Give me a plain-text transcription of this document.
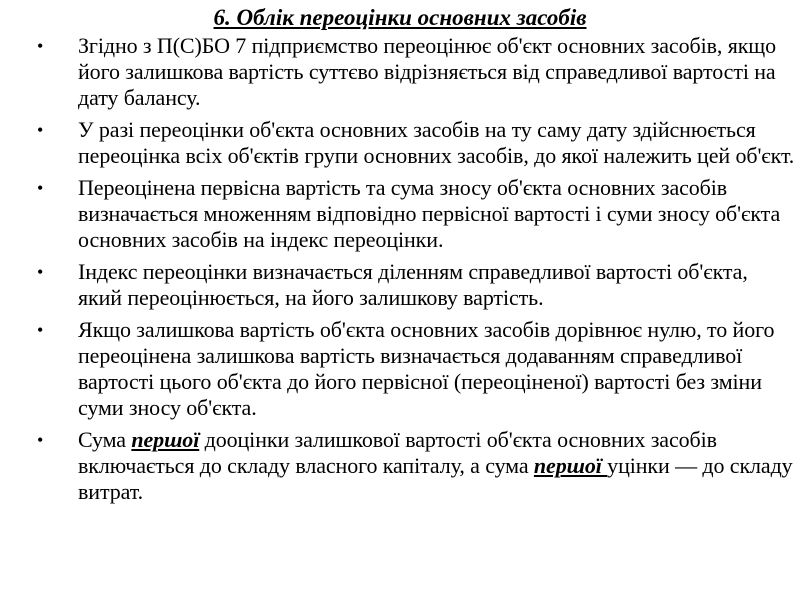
6. Облік переоцінки основних засобів
•	Згідно з П(С)БО 7 підприємство переоцінює об'єкт основних засобів, якщо його залишкова вартість суттєво відрізняється від справедливої вартості на дату балансу.
•	У разі переоцінки об'єкта основних засобів на ту саму дату здійснюється переоцінка всіх об'єктів групи основних засобів, до якої належить цей об'єкт.
•	Переоцінена первісна вартість та сума зносу об'єкта основних засобів визначається множенням відповідно первісної вартості і суми зносу об'єкта основних засобів на індекс переоцінки.
•	Індекс переоцінки визначається діленням справедливої вартості об'єкта, який переоцінюється, на його залишкову вартість.
•	Якщо залишкова вартість об'єкта основних засобів дорівнює нулю, то його переоцінена залишкова вартість визначається додаванням справедливої вартості цього об'єкта до його первісної (переоціненої) вартості без зміни суми зносу об'єкта.
•	Сума першої дооцінки залишкової вартості об'єкта основних засобів включається до складу власного капіталу, а сума першої уцінки — до складу витрат.
